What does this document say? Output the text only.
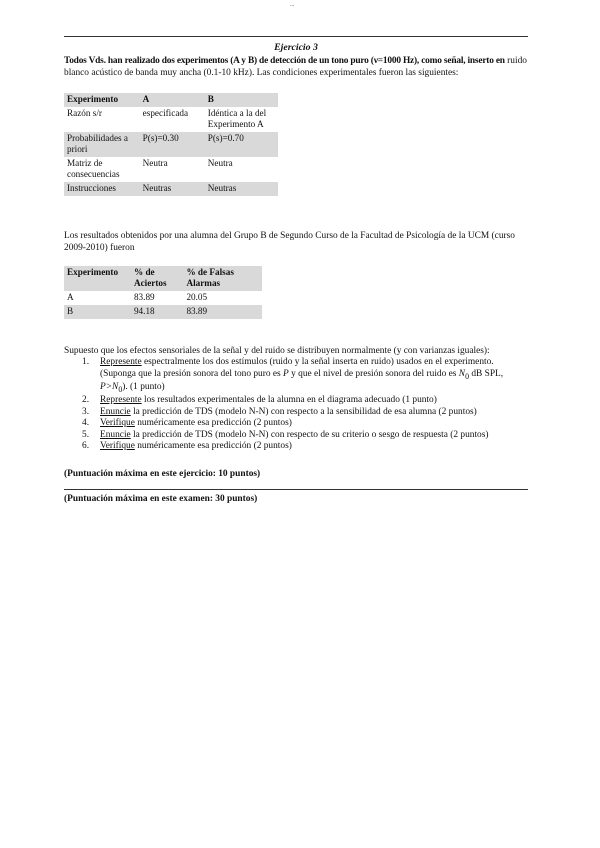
...
Ejercicio 3

Todos Vds. han realizado dos experimentos (A y B) de detección de un tono puro (ν=1000 Hz), como señal, inserto en ruido blanco acústico de banda muy ancha (0.1-10 kHz). Las condiciones experimentales fueron las siguientes:

Experimento	A	B
Razón s/r	especificada	Idéntica a la del Experimento A
Probabilidades a priori	P(s)=0.30	P(s)=0.70
Matriz de consecuencias	Neutra	Neutra
Instrucciones	Neutras	Neutras

Los resultados obtenidos por una alumna del Grupo B de Segundo Curso de la Facultad de Psicología de la UCM (curso 2009-2010) fueron

Experimento	% de Aciertos	% de Falsas Alarmas
A	83.89	20.05
B	94.18	83.89

Supuesto que los efectos sensoriales de la señal y del ruido se distribuyen normalmente (y con varianzas iguales):

1. Represente espectralmente los dos estímulos (ruido y la señal inserta en ruido) usados en el experimento.
(Suponga que la presión sonora del tono puro es P y que el nivel de presión sonora del ruido es $N_0$ dB SPL,
$P>N_0$). (1 punto)
2. Represente los resultados experimentales de la alumna en el diagrama adecuado (1 punto)
3. Enuncie la predicción de TDS (modelo N-N) con respecto a la sensibilidad de esa alumna (2 puntos)
4. Verifique numéricamente esa predicción (2 puntos)
5. Enuncie la predicción de TDS (modelo N-N) con respecto de su criterio o sesgo de respuesta (2 puntos)
6. Verifique numéricamente esa predicción (2 puntos)
(Puntuación máxima en este ejercicio: 10 puntos)
(Puntuación máxima en este examen: 30 puntos)
